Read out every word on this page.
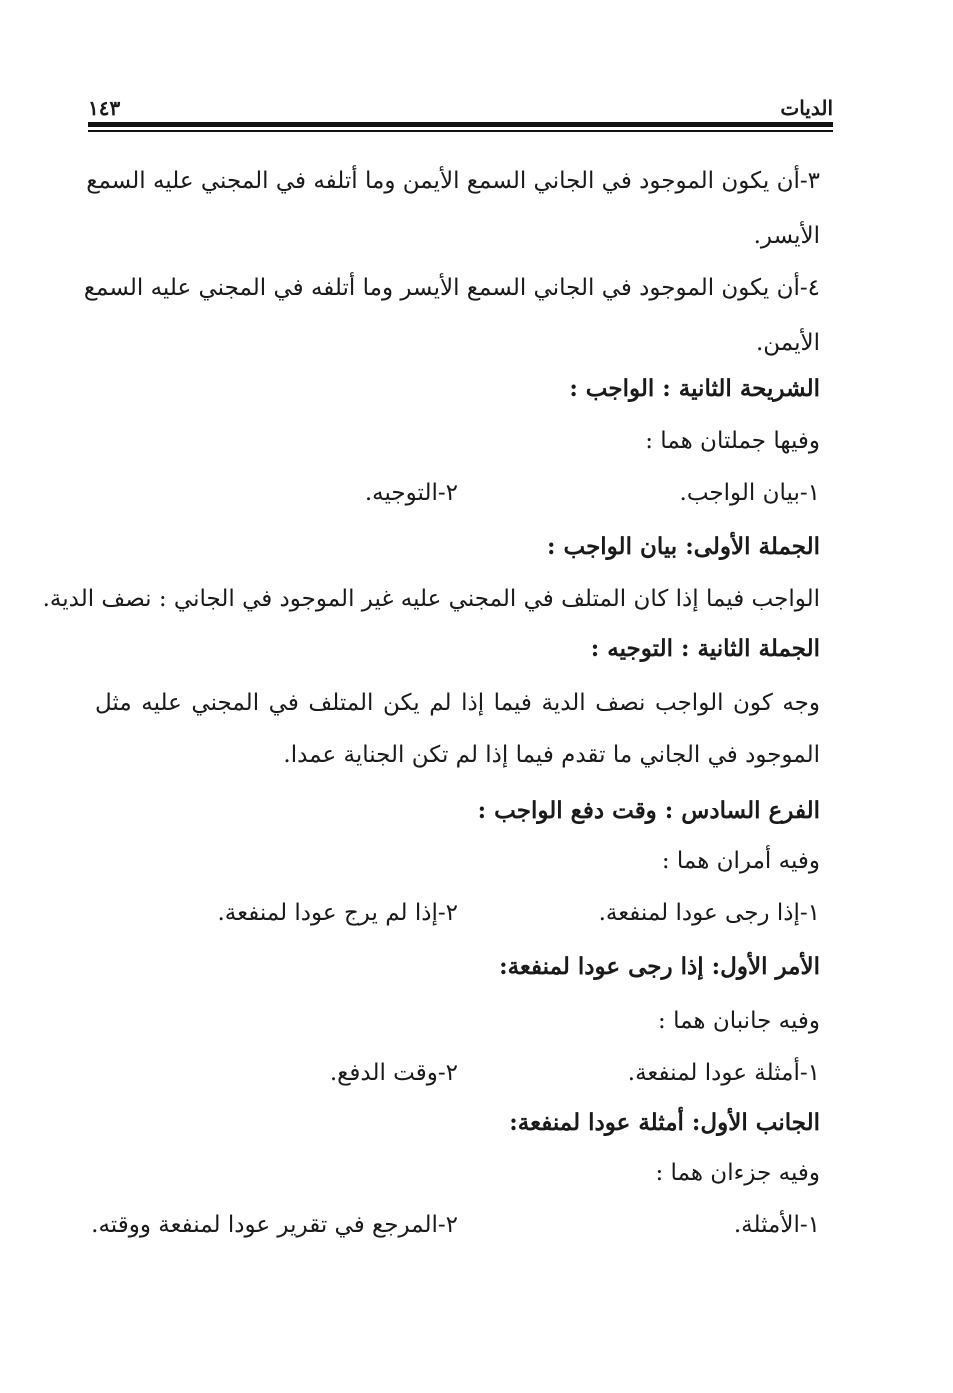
الديات
١٤٣
٣-أن يكون الموجود في الجاني السمع الأيمن وما أتلفه في المجني عليه السمع
الأيسر.
٤-أن يكون الموجود في الجاني السمع الأيسر وما أتلفه في المجني عليه السمع
الأيمن.
الشريحة الثانية : الواجب :
وفيها جملتان هما :
١-بيان الواجب.
٢-التوجيه.
الجملة الأولى: بيان الواجب :
الواجب فيما إذا كان المتلف في المجني عليه غير الموجود في الجاني : نصف الدية.
الجملة الثانية : التوجيه :
وجه كون الواجب نصف الدية فيما إذا لم يكن المتلف في المجني عليه مثل
الموجود في الجاني ما تقدم فيما إذا لم تكن الجناية عمدا.
الفرع السادس : وقت دفع الواجب :
وفيه أمران هما :
١-إذا رجى عودا لمنفعة.
٢-إذا لم يرج عودا لمنفعة.
الأمر الأول: إذا رجى عودا لمنفعة:
وفيه جانبان هما :
١-أمثلة عودا لمنفعة.
٢-وقت الدفع.
الجانب الأول: أمثلة عودا لمنفعة:
وفيه جزءان هما :
١-الأمثلة.
٢-المرجع في تقرير عودا لمنفعة ووقته.
